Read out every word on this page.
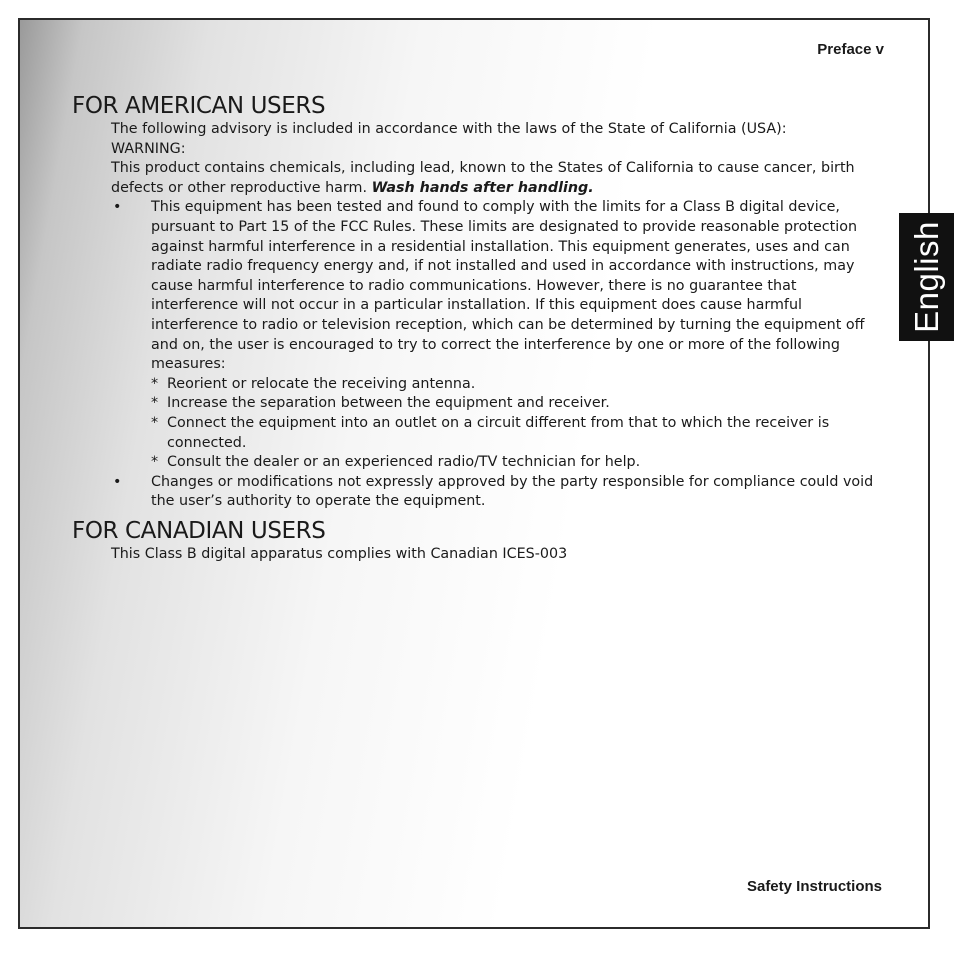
Preface v
English
FOR AMERICAN USERS

The following advisory is included in accordance with the laws of the State of California (USA):

WARNING:

This product contains chemicals, including lead, known to the States of California to cause cancer, birth defects or other reproductive harm. Wash hands after handling.

• This equipment has been tested and found to comply with the limits for a Class B digital device, pursuant to Part 15 of the FCC Rules. These limits are designated to provide reasonable protection against harmful interference in a residential installation. This equipment generates, uses and can radiate radio frequency energy and, if not installed and used in accordance with instructions, may cause harmful interference to radio communications. However, there is no guarantee that interference will not occur in a particular installation. If this equipment does cause harmful interference to radio or television reception, which can be determined by turning the equipment off and on, the user is encouraged to try to correct the interference by one or more of the following measures:
* Reorient or relocate the receiving antenna.
* Increase the separation between the equipment and receiver.
* Connect the equipment into an outlet on a circuit different from that to which the receiver is connected.
* Consult the dealer or an experienced radio/TV technician for help.
• Changes or modifications not expressly approved by the party responsible for compliance could void the user’s authority to operate the equipment.
FOR CANADIAN USERS

This Class B digital apparatus complies with Canadian ICES-003

Safety Instructions
